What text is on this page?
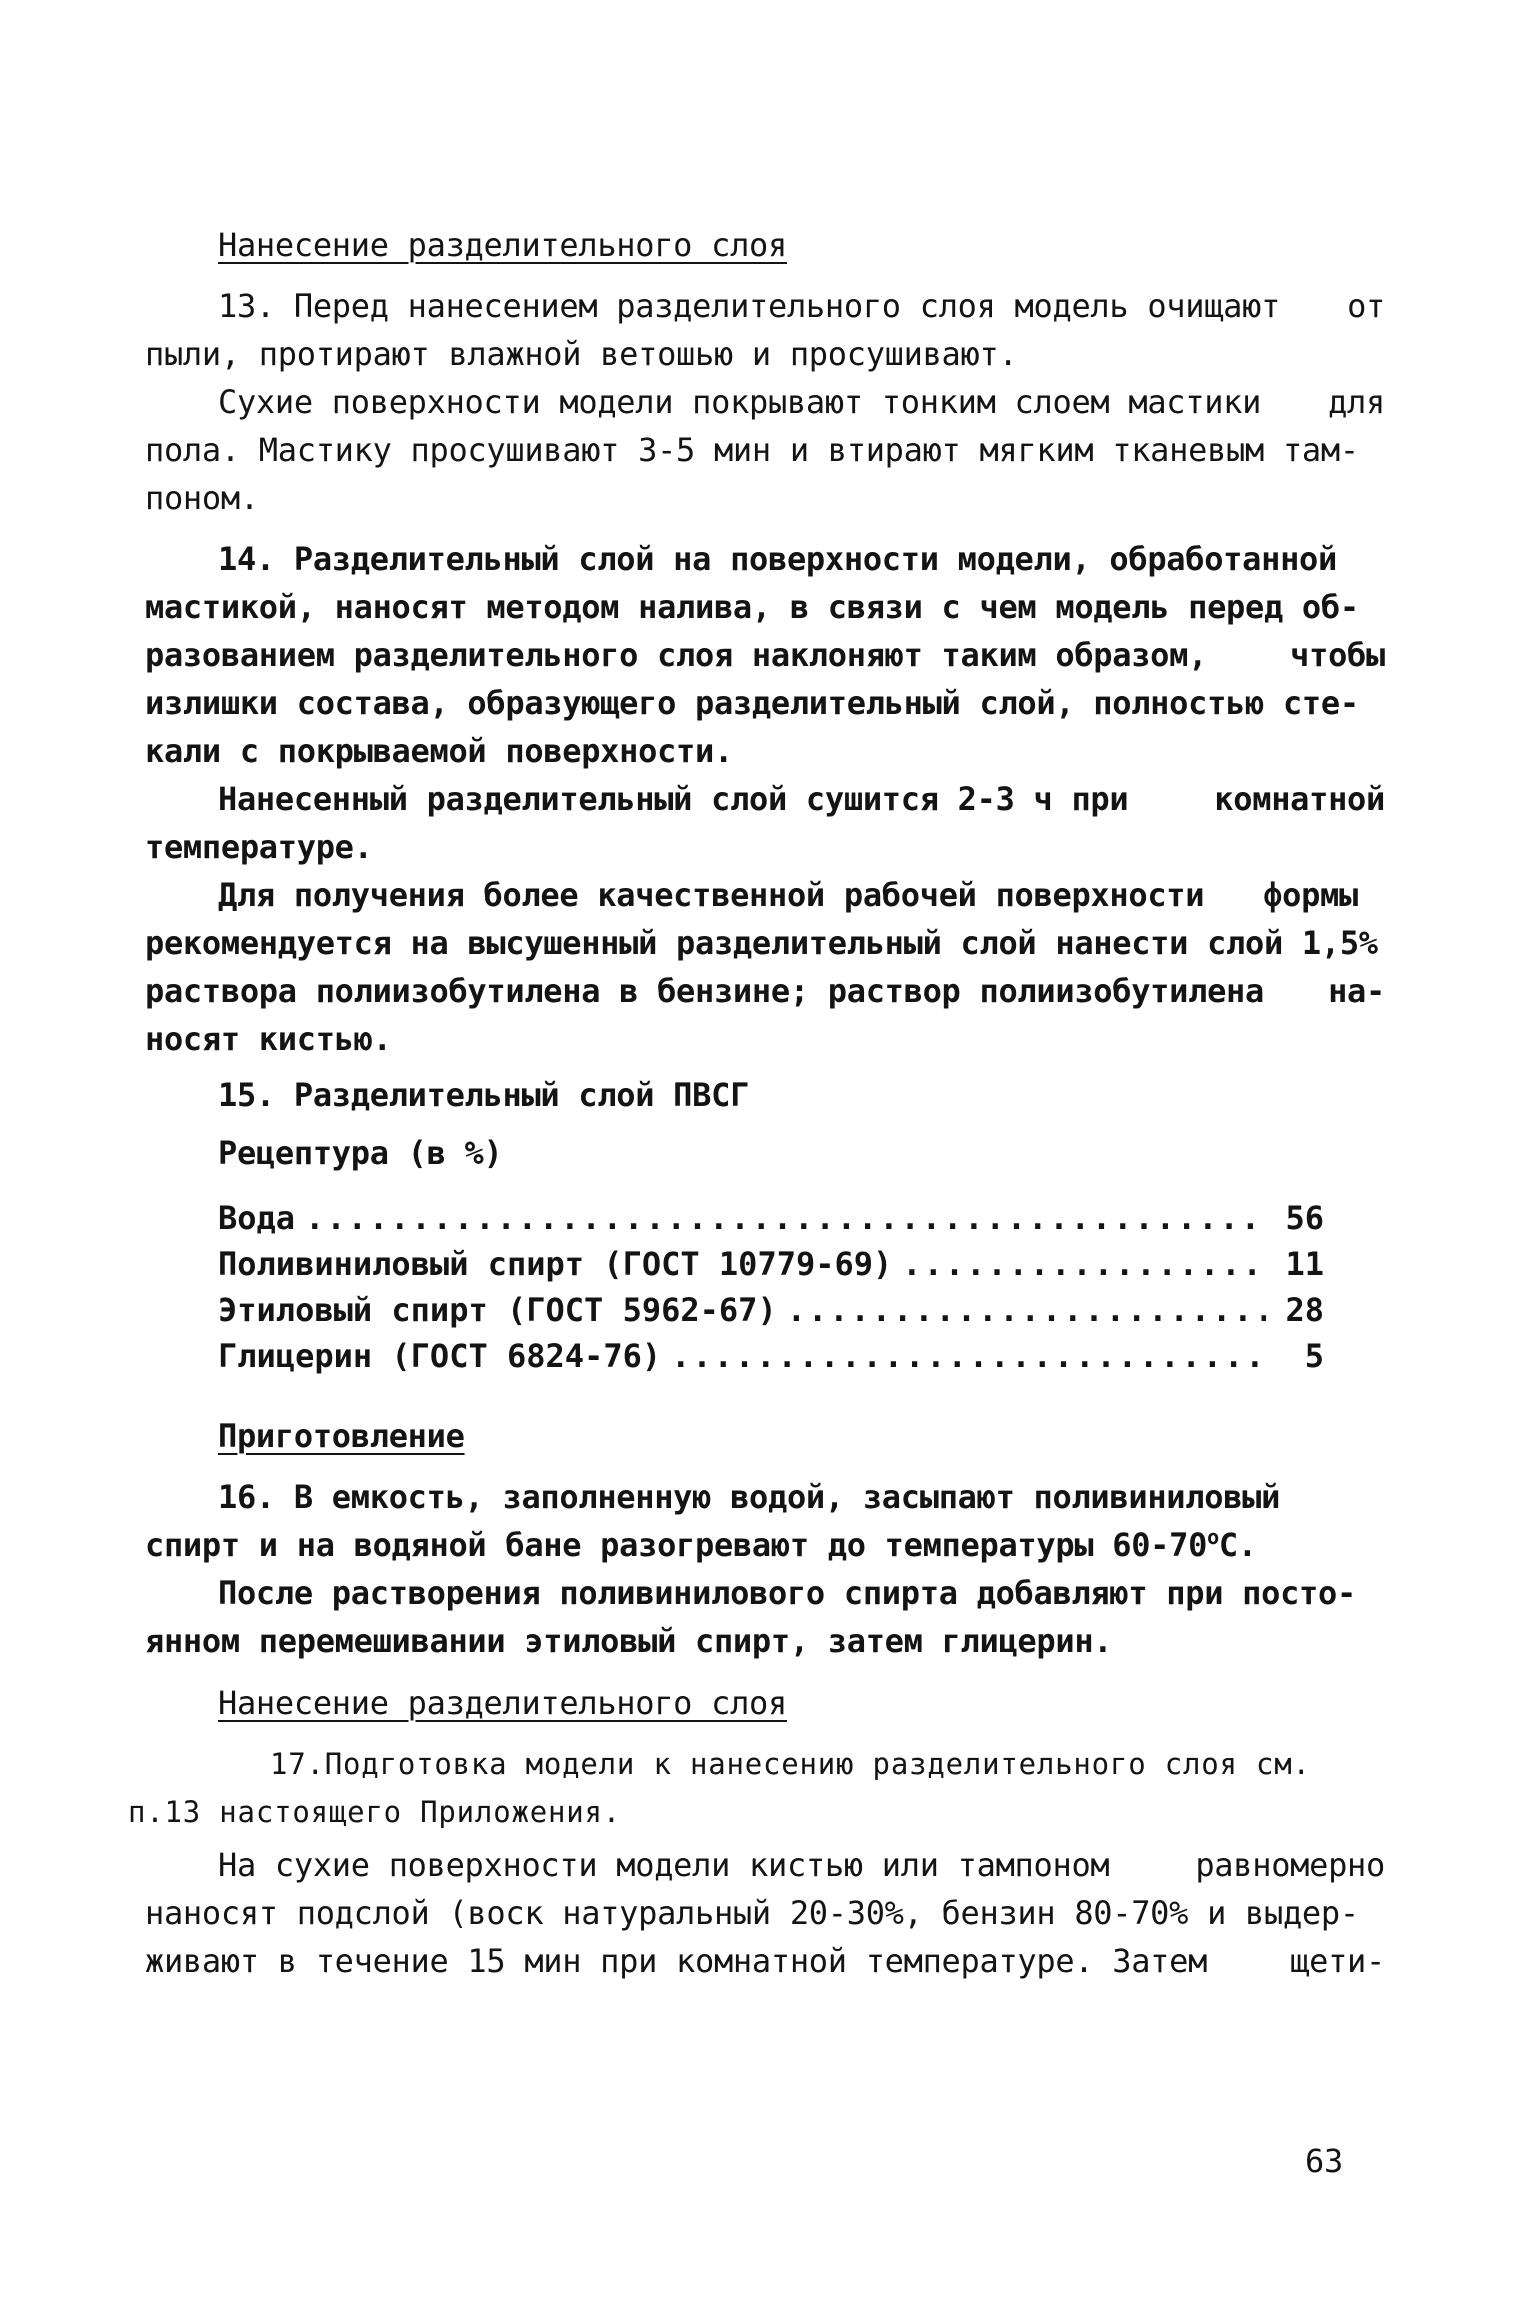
Нанесение разделительного слоя
13. Перед нанесением разделительного слоя модель очищают от
пыли, протирают влажной ветошью и просушивают.
Сухие поверхности модели покрывают тонким слоем мастики для
пола. Мастику просушивают 3-5 мин и втирают мягким тканевым там-
поном.
14. Разделительный слой на поверхности модели, обработанной
мастикой, наносят методом налива, в связи с чем модель перед об-
разованием разделительного слоя наклоняют таким образом,	чтобы
излишки состава, образующего разделительный слой, полностью сте-
кали с покрываемой поверхности.
Нанесенный разделительный слой сушится 2-3 ч при	комнатной
температуре.
Для получения более качественной рабочей поверхности формы
рекомендуется на высушенный разделительный слой нанести слой 1,5%
раствора полиизобутилена в бензине; раствор полиизобутилена на-
носят кистью.
15. Разделительный слой ПВСГ
Рецептура (в %)
Вода .....	56
Поливиниловый спирт (ГОСТ 10779-69) .....	11
Этиловый спирт (ГОСТ 5962-67) .....	28
Глицерин (ГОСТ 6824-76) .....	5
Приготовление
16. В емкость, заполненную водой, засыпают поливиниловый
спирт и на водяной бане разогревают до температуры $60-70^оС$.
После растворения поливинилового спирта добавляют при посто-
янном перемешивании этиловый спирт, затем глицерин.
Нанесение разделительного слоя
17.Подготовка модели к нанесению разделительного слоя см.
п.13 настоящего Приложения.
На сухие поверхности модели кистью или тампоном	равномерно
наносят подслой (воск натуральный 20-30%, бензин 80-70% и выдер-
живают в течение 15 мин при комнатной температуре. Затем	щети-
63
